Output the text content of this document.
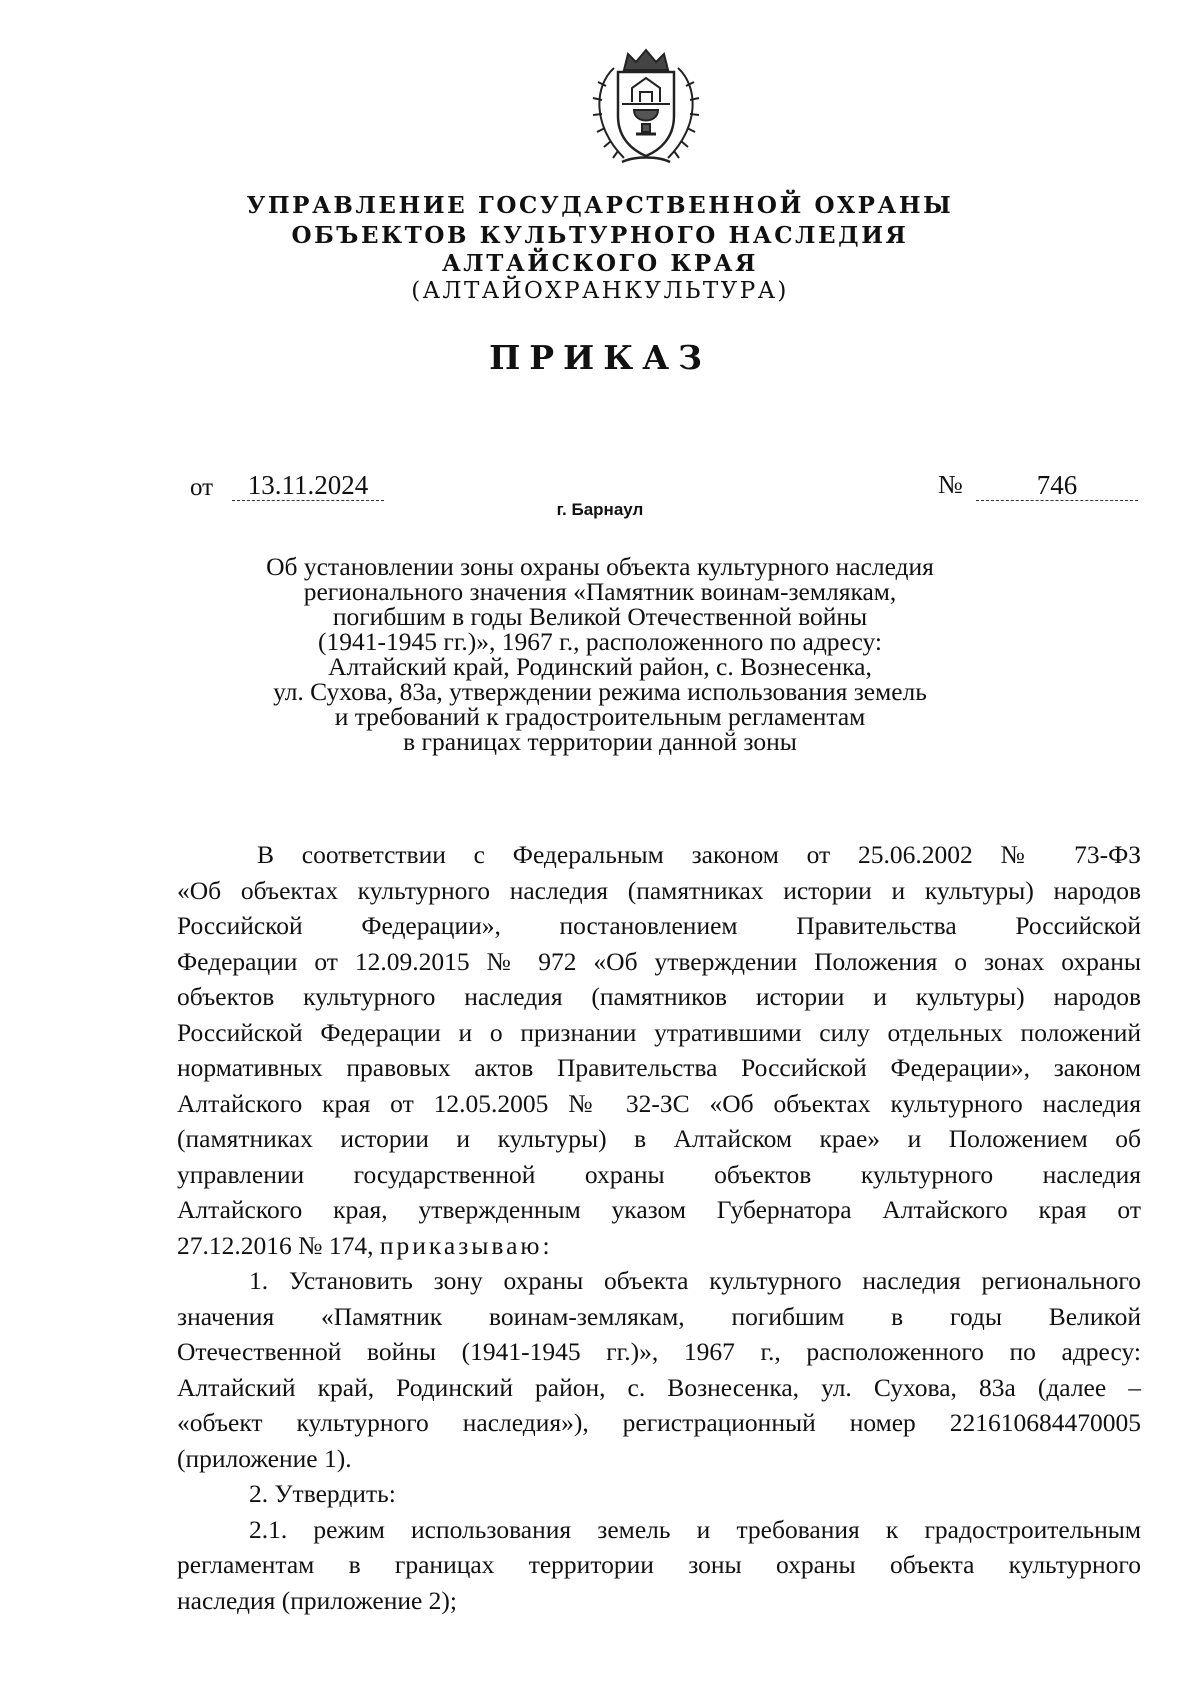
УПРАВЛЕНИЕ ГОСУДАРСТВЕННОЙ ОХРАНЫ
ОБЪЕКТОВ КУЛЬТУРНОГО НАСЛЕДИЯ
АЛТАЙСКОГО КРАЯ
(АЛТАЙОХРАНКУЛЬТУРА)
ПРИКАЗ
от	13.11.2024	№	746
г. Барнаул
Об установлении зоны охраны объекта культурного наследия
регионального значения «Памятник воинам-землякам,
погибшим в годы Великой Отечественной войны
(1941-1945 гг.)», 1967 г., расположенного по адресу:
Алтайский край, Родинский район, с. Вознесенка,
ул. Сухова, 83а, утверждении режима использования земель
и требований к градостроительным регламентам
в границах территории данной зоны

В соответствии с Федеральным законом от 25.06.2002 № 73-ФЗ

«Об объектах культурного наследия (памятниках истории и культуры) народов

Российской Федерации», постановлением Правительства Российской

Федерации от 12.09.2015 № 972 «Об утверждении Положения о зонах охраны

объектов культурного наследия (памятников истории и культуры) народов

Российской Федерации и о признании утратившими силу отдельных положений

нормативных правовых актов Правительства Российской Федерации», законом

Алтайского края от 12.05.2005 № 32-ЗС «Об объектах культурного наследия

(памятниках истории и культуры) в Алтайском крае» и Положением об

управлении государственной охраны объектов культурного наследия

Алтайского края, утвержденным указом Губернатора Алтайского края от

27.12.2016 № 174, приказываю:

1. Установить зону охраны объекта культурного наследия регионального

значения «Памятник воинам-землякам, погибшим в годы Великой

Отечественной войны (1941-1945 гг.)», 1967 г., расположенного по адресу:

Алтайский край, Родинский район, с. Вознесенка, ул. Сухова, 83а (далее –

«объект культурного наследия»), регистрационный номер 221610684470005

(приложение 1).

2. Утвердить:

2.1. режим использования земель и требования к градостроительным

регламентам в границах территории зоны охраны объекта культурного

наследия (приложение 2);
